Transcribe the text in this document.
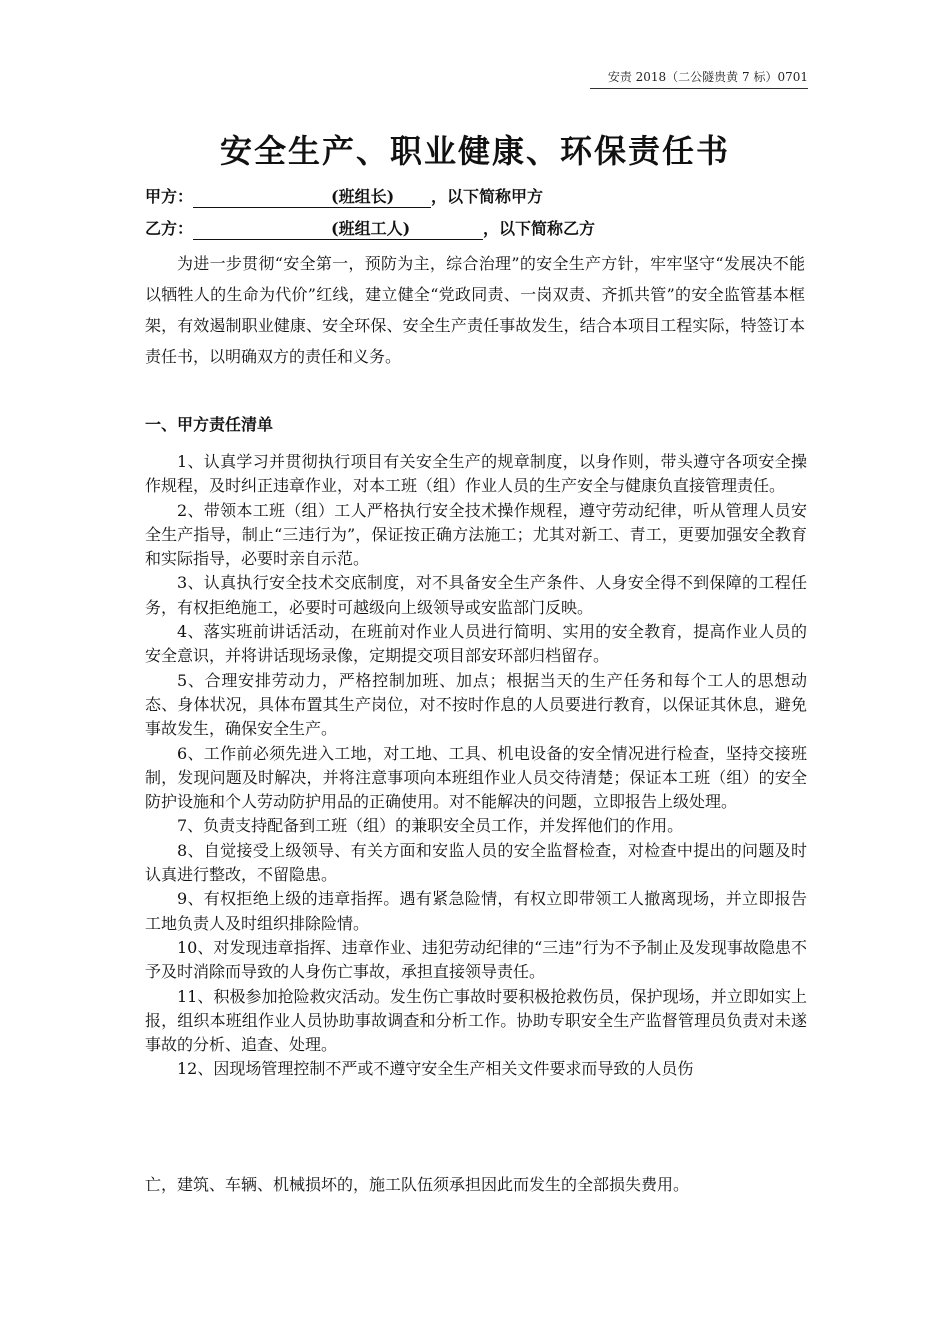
安责 2018（二公隧贵黄 7 标）0701
安全生产、职业健康、环保责任书
甲方：	(班组长) ，以下简称甲方
乙方：	(班组工人)	，以下简称乙方
为进一步贯彻“安全第一，预防为主，综合治理”的安全生产方针，牢牢坚守“发展决不能以牺牲人的生命为代价”红线，建立健全“党政同责、一岗双责、齐抓共管”的安全监管基本框架，有效遏制职业健康、安全环保、安全生产责任事故发生，结合本项目工程实际，特签订本责任书，以明确双方的责任和义务。
一、甲方责任清单

1、认真学习并贯彻执行项目有关安全生产的规章制度，以身作则，带头遵守各项安全操作规程，及时纠正违章作业，对本工班（组）作业人员的生产安全与健康负直接管理责任。

2、带领本工班（组）工人严格执行安全技术操作规程，遵守劳动纪律，听从管理人员安全生产指导，制止“三违行为”，保证按正确方法施工；尤其对新工、青工，更要加强安全教育和实际指导，必要时亲自示范。

3、认真执行安全技术交底制度，对不具备安全生产条件、人身安全得不到保障的工程任务，有权拒绝施工，必要时可越级向上级领导或安监部门反映。

4、落实班前讲话活动，在班前对作业人员进行简明、实用的安全教育，提高作业人员的安全意识，并将讲话现场录像，定期提交项目部安环部归档留存。

5、合理安排劳动力，严格控制加班、加点；根据当天的生产任务和每个工人的思想动态、身体状况，具体布置其生产岗位，对不按时作息的人员要进行教育，以保证其休息，避免事故发生，确保安全生产。

6、工作前必须先进入工地，对工地、工具、机电设备的安全情况进行检查，坚持交接班制，发现问题及时解决，并将注意事项向本班组作业人员交待清楚；保证本工班（组）的安全防护设施和个人劳动防护用品的正确使用。对不能解决的问题，立即报告上级处理。

7、负责支持配备到工班（组）的兼职安全员工作，并发挥他们的作用。

8、自觉接受上级领导、有关方面和安监人员的安全监督检查，对检查中提出的问题及时认真进行整改，不留隐患。

9、有权拒绝上级的违章指挥。遇有紧急险情，有权立即带领工人撤离现场，并立即报告工地负责人及时组织排除险情。

10、对发现违章指挥、违章作业、违犯劳动纪律的“三违”行为不予制止及发现事故隐患不予及时消除而导致的人身伤亡事故，承担直接领导责任。

11、积极参加抢险救灾活动。发生伤亡事故时要积极抢救伤员，保护现场，并立即如实上报，组织本班组作业人员协助事故调查和分析工作。协助专职安全生产监督管理员负责对未遂事故的分析、追查、处理。

12、因现场管理控制不严或不遵守安全生产相关文件要求而导致的人员伤

亡，建筑、车辆、机械损坏的，施工队伍须承担因此而发生的全部损失费用。
